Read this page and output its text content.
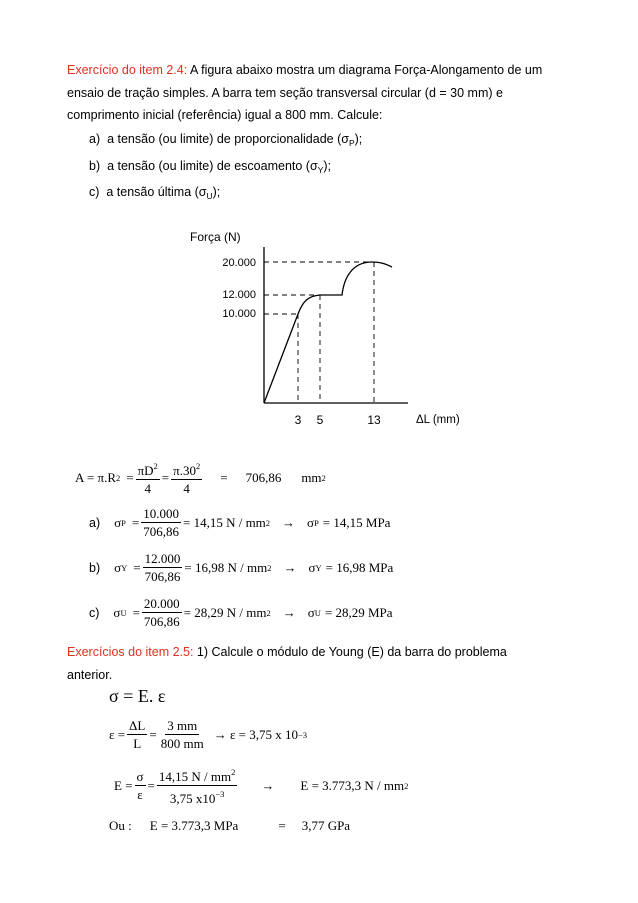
Exercício do item 2.4: A figura abaixo mostra um diagrama Força-Alongamento de um
ensaio de tração simples. A barra tem seção transversal circular (d = 30 mm) e
comprimento inicial (referência) igual a 800 mm. Calcule:
a) a tensão (ou limite) de proporcionalidade $(\sigma_P)$;
b) a tensão (ou limite) de escoamento $(\sigma_Y)$;
c) a tensão última $(\sigma_U)$;
Força (N)
20.000
12.000
10.000
3 5	13	ΔL (mm)
A = π.R $2 = \frac{\pi D^2}{4} = \frac{\pi.30^2}{4} = 706,86$ mm 2
a) σ $P = \frac{10.000}{706,86} = 14,15$ N / mm 2 → σ P = 14,15 MPa
b) σ $Y = \frac{12.000}{706,86} = 16,98$ N / mm 2 → σ Y = 16,98 MPa
c) σ $U = \frac{20.000}{706,86} = 28,29$ N / mm 2 → σ U = 28,29 MPa
Exercícios do item 2.5: 1) Calcule o módulo de Young (E) da barra do problema
anterior.
σ = E. ε
$\varepsilon = \frac{\Delta L}{L} = \frac{3 mm}{800 mm} \to \varepsilon = 3,75$ x 10 −3
$E = \frac{\sigma}{\varepsilon} = \frac{14,15 N / mm^2}{3,75 x10^{-3}} \to E = 3.773,3$ N / mm 2
Ou : E = 3.773,3 MPa	= 3,77 GPa
